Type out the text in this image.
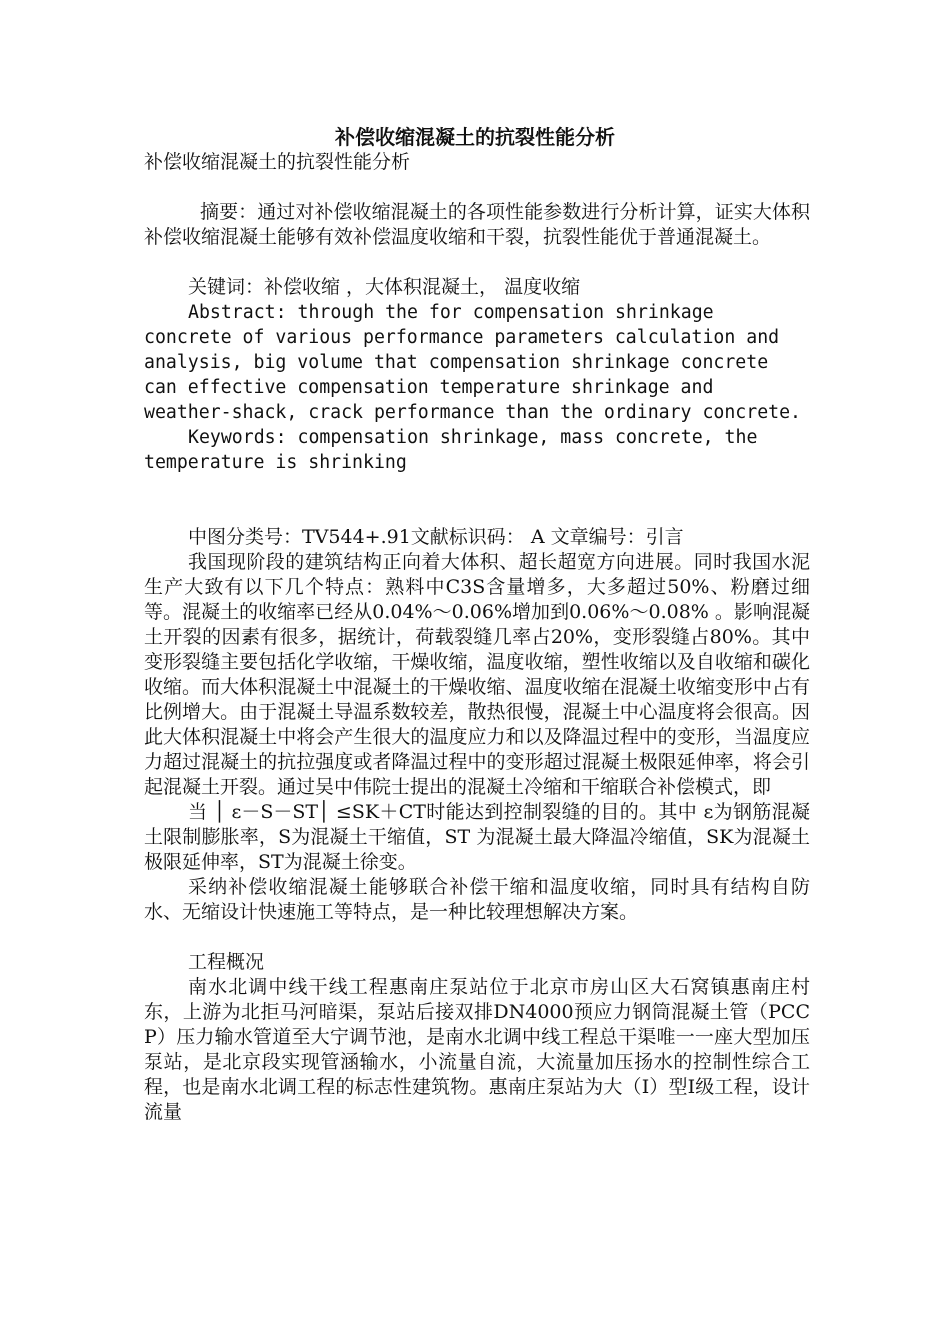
补偿收缩混凝土的抗裂性能分析

补偿收缩混凝土的抗裂性能分析

摘要：通过对补偿收缩混凝土的各项性能参数进行分析计算，证实大体积补偿收缩混凝土能够有效补偿温度收缩和干裂，抗裂性能优于普通混凝土。

关键词：补偿收缩 ，大体积混凝土， 温度收缩

Abstract: through the for compensation shrinkage concrete of various performance parameters calculation and analysis, big volume that compensation shrinkage concrete can effective compensation temperature shrinkage and weather-shack, crack performance than the ordinary concrete.

Keywords: compensation shrinkage, mass concrete, the temperature is shrinking

中图分类号：TV544+.91文献标识码： A 文章编号：引言

我国现阶段的建筑结构正向着大体积、超长超宽方向进展。同时我国水泥生产大致有以下几个特点：熟料中C3S含量增多，大多超过50%、粉磨过细等。混凝土的收缩率已经从0.04%～0.06%增加到0.06%～0.08% 。影响混凝土开裂的因素有很多，据统计，荷载裂缝几率占20%，变形裂缝占80%。其中变形裂缝主要包括化学收缩，干燥收缩，温度收缩，塑性收缩以及自收缩和碳化收缩。而大体积混凝土中混凝土的干燥收缩、温度收缩在混凝土收缩变形中占有比例增大。由于混凝土导温系数较差，散热很慢，混凝土中心温度将会很高。因此大体积混凝土中将会产生很大的温度应力和以及降温过程中的变形，当温度应力超过混凝土的抗拉强度或者降温过程中的变形超过混凝土极限延伸率，将会引起混凝土开裂。通过吴中伟院士提出的混凝土冷缩和干缩联合补偿模式，即

当 │ ε－S－ST│ ≤SK＋CT时能达到控制裂缝的目的。其中 ε为钢筋混凝土限制膨胀率，S为混凝土干缩值，ST 为混凝土最大降温冷缩值，SK为混凝土极限延伸率，ST为混凝土徐变。

采纳补偿收缩混凝土能够联合补偿干缩和温度收缩，同时具有结构自防水、无缩设计快速施工等特点，是一种比较理想解决方案。

工程概况

南水北调中线干线工程惠南庄泵站位于北京市房山区大石窝镇惠南庄村东，上游为北拒马河暗渠，泵站后接双排DN4000预应力钢筒混凝土管（PCCP）压力输水管道至大宁调节池，是南水北调中线工程总干渠唯一一座大型加压泵站，是北京段实现管涵输水，小流量自流，大流量加压扬水的控制性综合工程，也是南水北调工程的标志性建筑物。惠南庄泵站为大（Ⅰ）型Ⅰ级工程，设计流量
